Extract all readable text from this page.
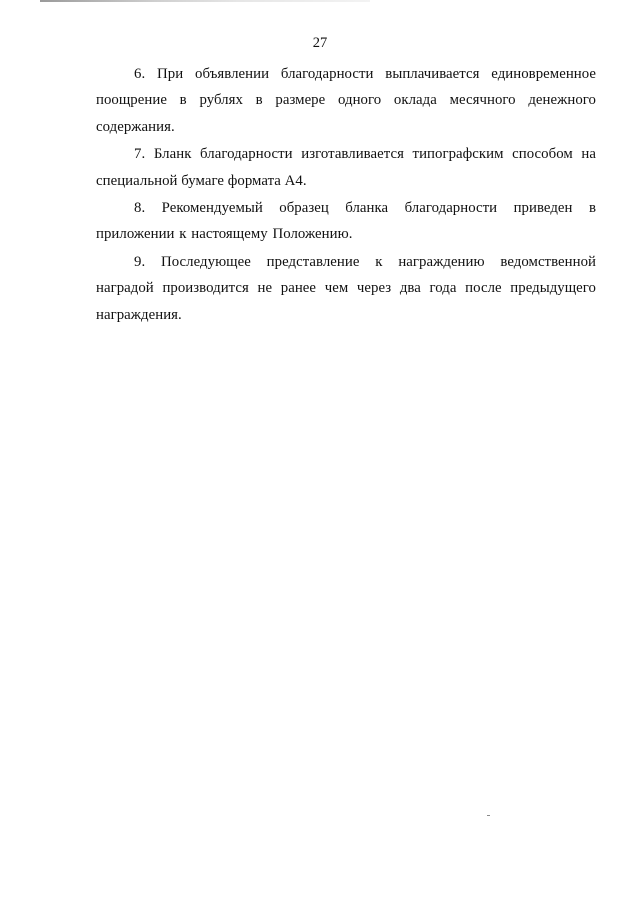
27

6. При объявлении благодарности выплачивается единовременное поощрение в рублях в размере одного оклада месячного денежного содержания.

7. Бланк благодарности изготавливается типографским способом на специальной бумаге формата А4.

8. Рекомендуемый образец бланка благодарности приведен в приложении к настоящему Положению.

9. Последующее представление к награждению ведомственной наградой производится не ранее чем через два года после предыдущего награждения.
